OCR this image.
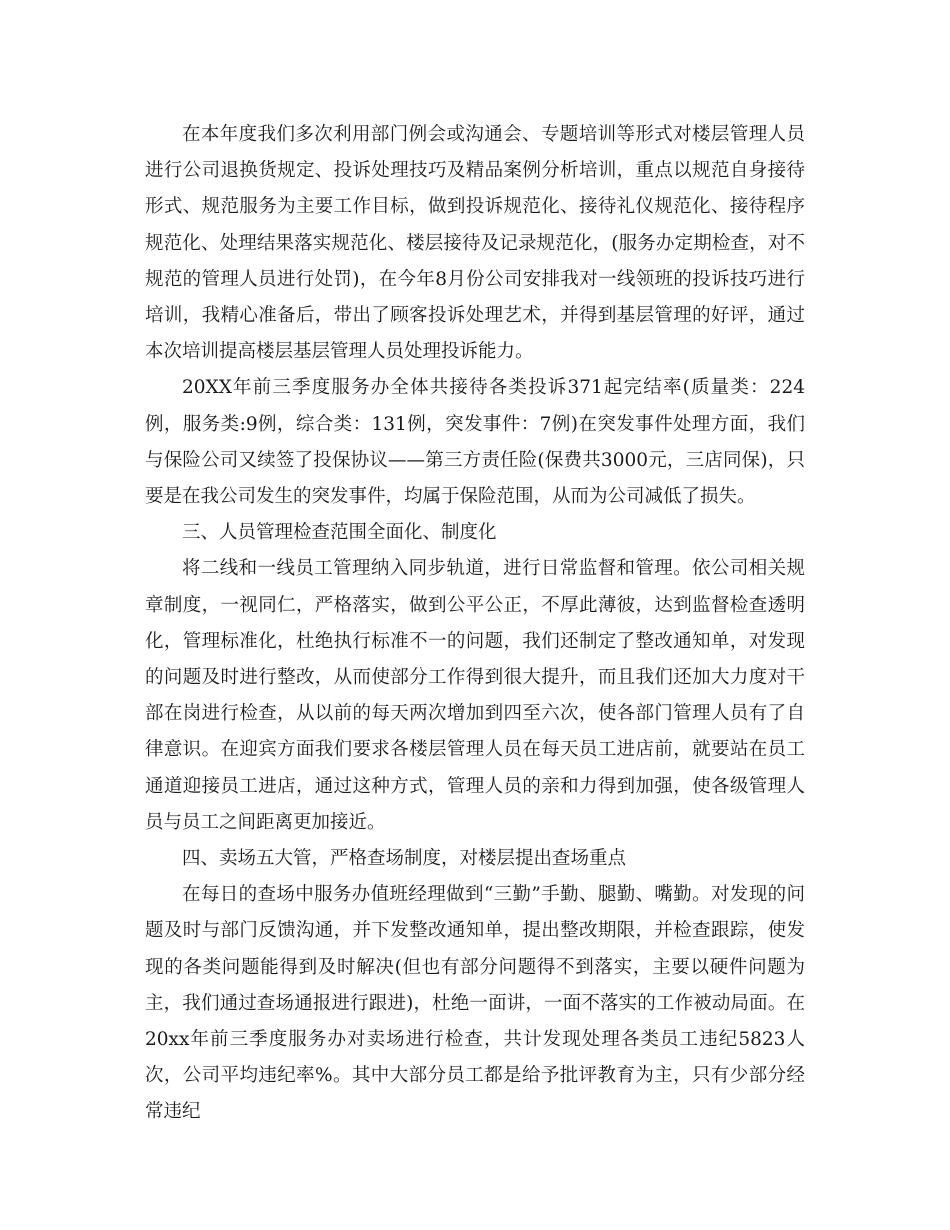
在本年度我们多次利用部门例会或沟通会、专题培训等形式对楼层管理人员进行公司退换货规定、投诉处理技巧及精品案例分析培训，重点以规范自身接待形式、规范服务为主要工作目标，做到投诉规范化、接待礼仪规范化、接待程序规范化、处理结果落实规范化、楼层接待及记录规范化，(服务办定期检查，对不规范的管理人员进行处罚)，在今年8月份公司安排我对一线领班的投诉技巧进行培训，我精心准备后，带出了顾客投诉处理艺术，并得到基层管理的好评，通过本次培训提高楼层基层管理人员处理投诉能力。

20XX年前三季度服务办全体共接待各类投诉371起完结率(质量类：224例，服务类:9例，综合类：131例，突发事件：7例)在突发事件处理方面，我们与保险公司又续签了投保协议——第三方责任险(保费共3000元，三店同保)，只要是在我公司发生的突发事件，均属于保险范围，从而为公司减低了损失。

三、人员管理检查范围全面化、制度化

将二线和一线员工管理纳入同步轨道，进行日常监督和管理。依公司相关规章制度，一视同仁，严格落实，做到公平公正，不厚此薄彼，达到监督检查透明化，管理标准化，杜绝执行标准不一的问题，我们还制定了整改通知单，对发现的问题及时进行整改，从而使部分工作得到很大提升，而且我们还加大力度对干部在岗进行检查，从以前的每天两次增加到四至六次，使各部门管理人员有了自律意识。在迎宾方面我们要求各楼层管理人员在每天员工进店前，就要站在员工通道迎接员工进店，通过这种方式，管理人员的亲和力得到加强，使各级管理人员与员工之间距离更加接近。

四、卖场五大管，严格查场制度，对楼层提出查场重点

在每日的查场中服务办值班经理做到“三勤”手勤、腿勤、嘴勤。对发现的问题及时与部门反馈沟通，并下发整改通知单，提出整改期限，并检查跟踪，使发现的各类问题能得到及时解决(但也有部分问题得不到落实，主要以硬件问题为主，我们通过查场通报进行跟进)，杜绝一面讲，一面不落实的工作被动局面。在20xx年前三季度服务办对卖场进行检查，共计发现处理各类员工违纪5823人次，公司平均违纪率%。其中大部分员工都是给予批评教育为主，只有少部分经常违纪
